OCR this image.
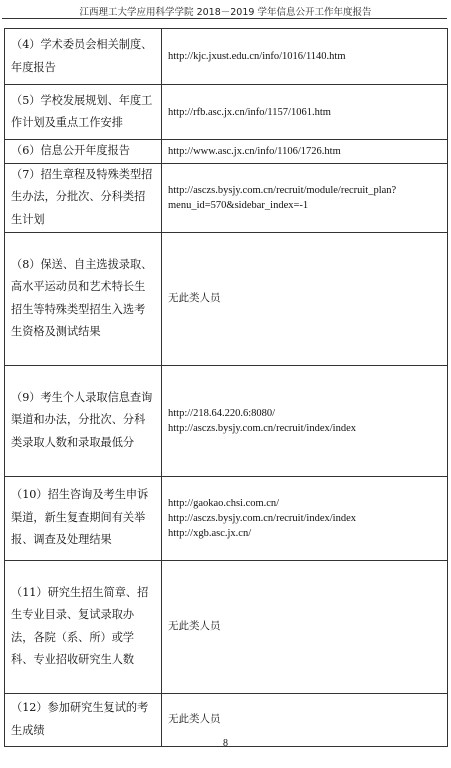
江西理工大学应用科学学院 2018－2019 学年信息公开工作年度报告
（4）学术委员会相关制度、年度报告	http://kjc.jxust.edu.cn/info/1016/1140.htm

（5）学校发展规划、年度工作计划及重点工作安排	http://rfb.asc.jx.cn/info/1157/1061.htm

（6）信息公开年度报告	http://www.asc.jx.cn/info/1106/1726.htm

（7）招生章程及特殊类型招生办法，分批次、分科类招生计划	http://asczs.bysjy.com.cn/recruit/module/recruit_plan?menu_id=570&sidebar_index=-1

（8）保送、自主选拔录取、高水平运动员和艺术特长生招生等特殊类型招生入选考生资格及测试结果	无此类人员

（9）考生个人录取信息查询渠道和办法，分批次、分科类录取人数和录取最低分	http://218.64.220.6:8080/
http://asczs.bysjy.com.cn/recruit/index/index

（10）招生咨询及考生申诉渠道，新生复查期间有关举报、调查及处理结果	http://gaokao.chsi.com.cn/
http://asczs.bysjy.com.cn/recruit/index/index
http://xgb.asc.jx.cn/

（11）研究生招生简章、招生专业目录、复试录取办法，各院（系、所）或学科、专业招收研究生人数	无此类人员

（12）参加研究生复试的考生成绩	无此类人员
8
